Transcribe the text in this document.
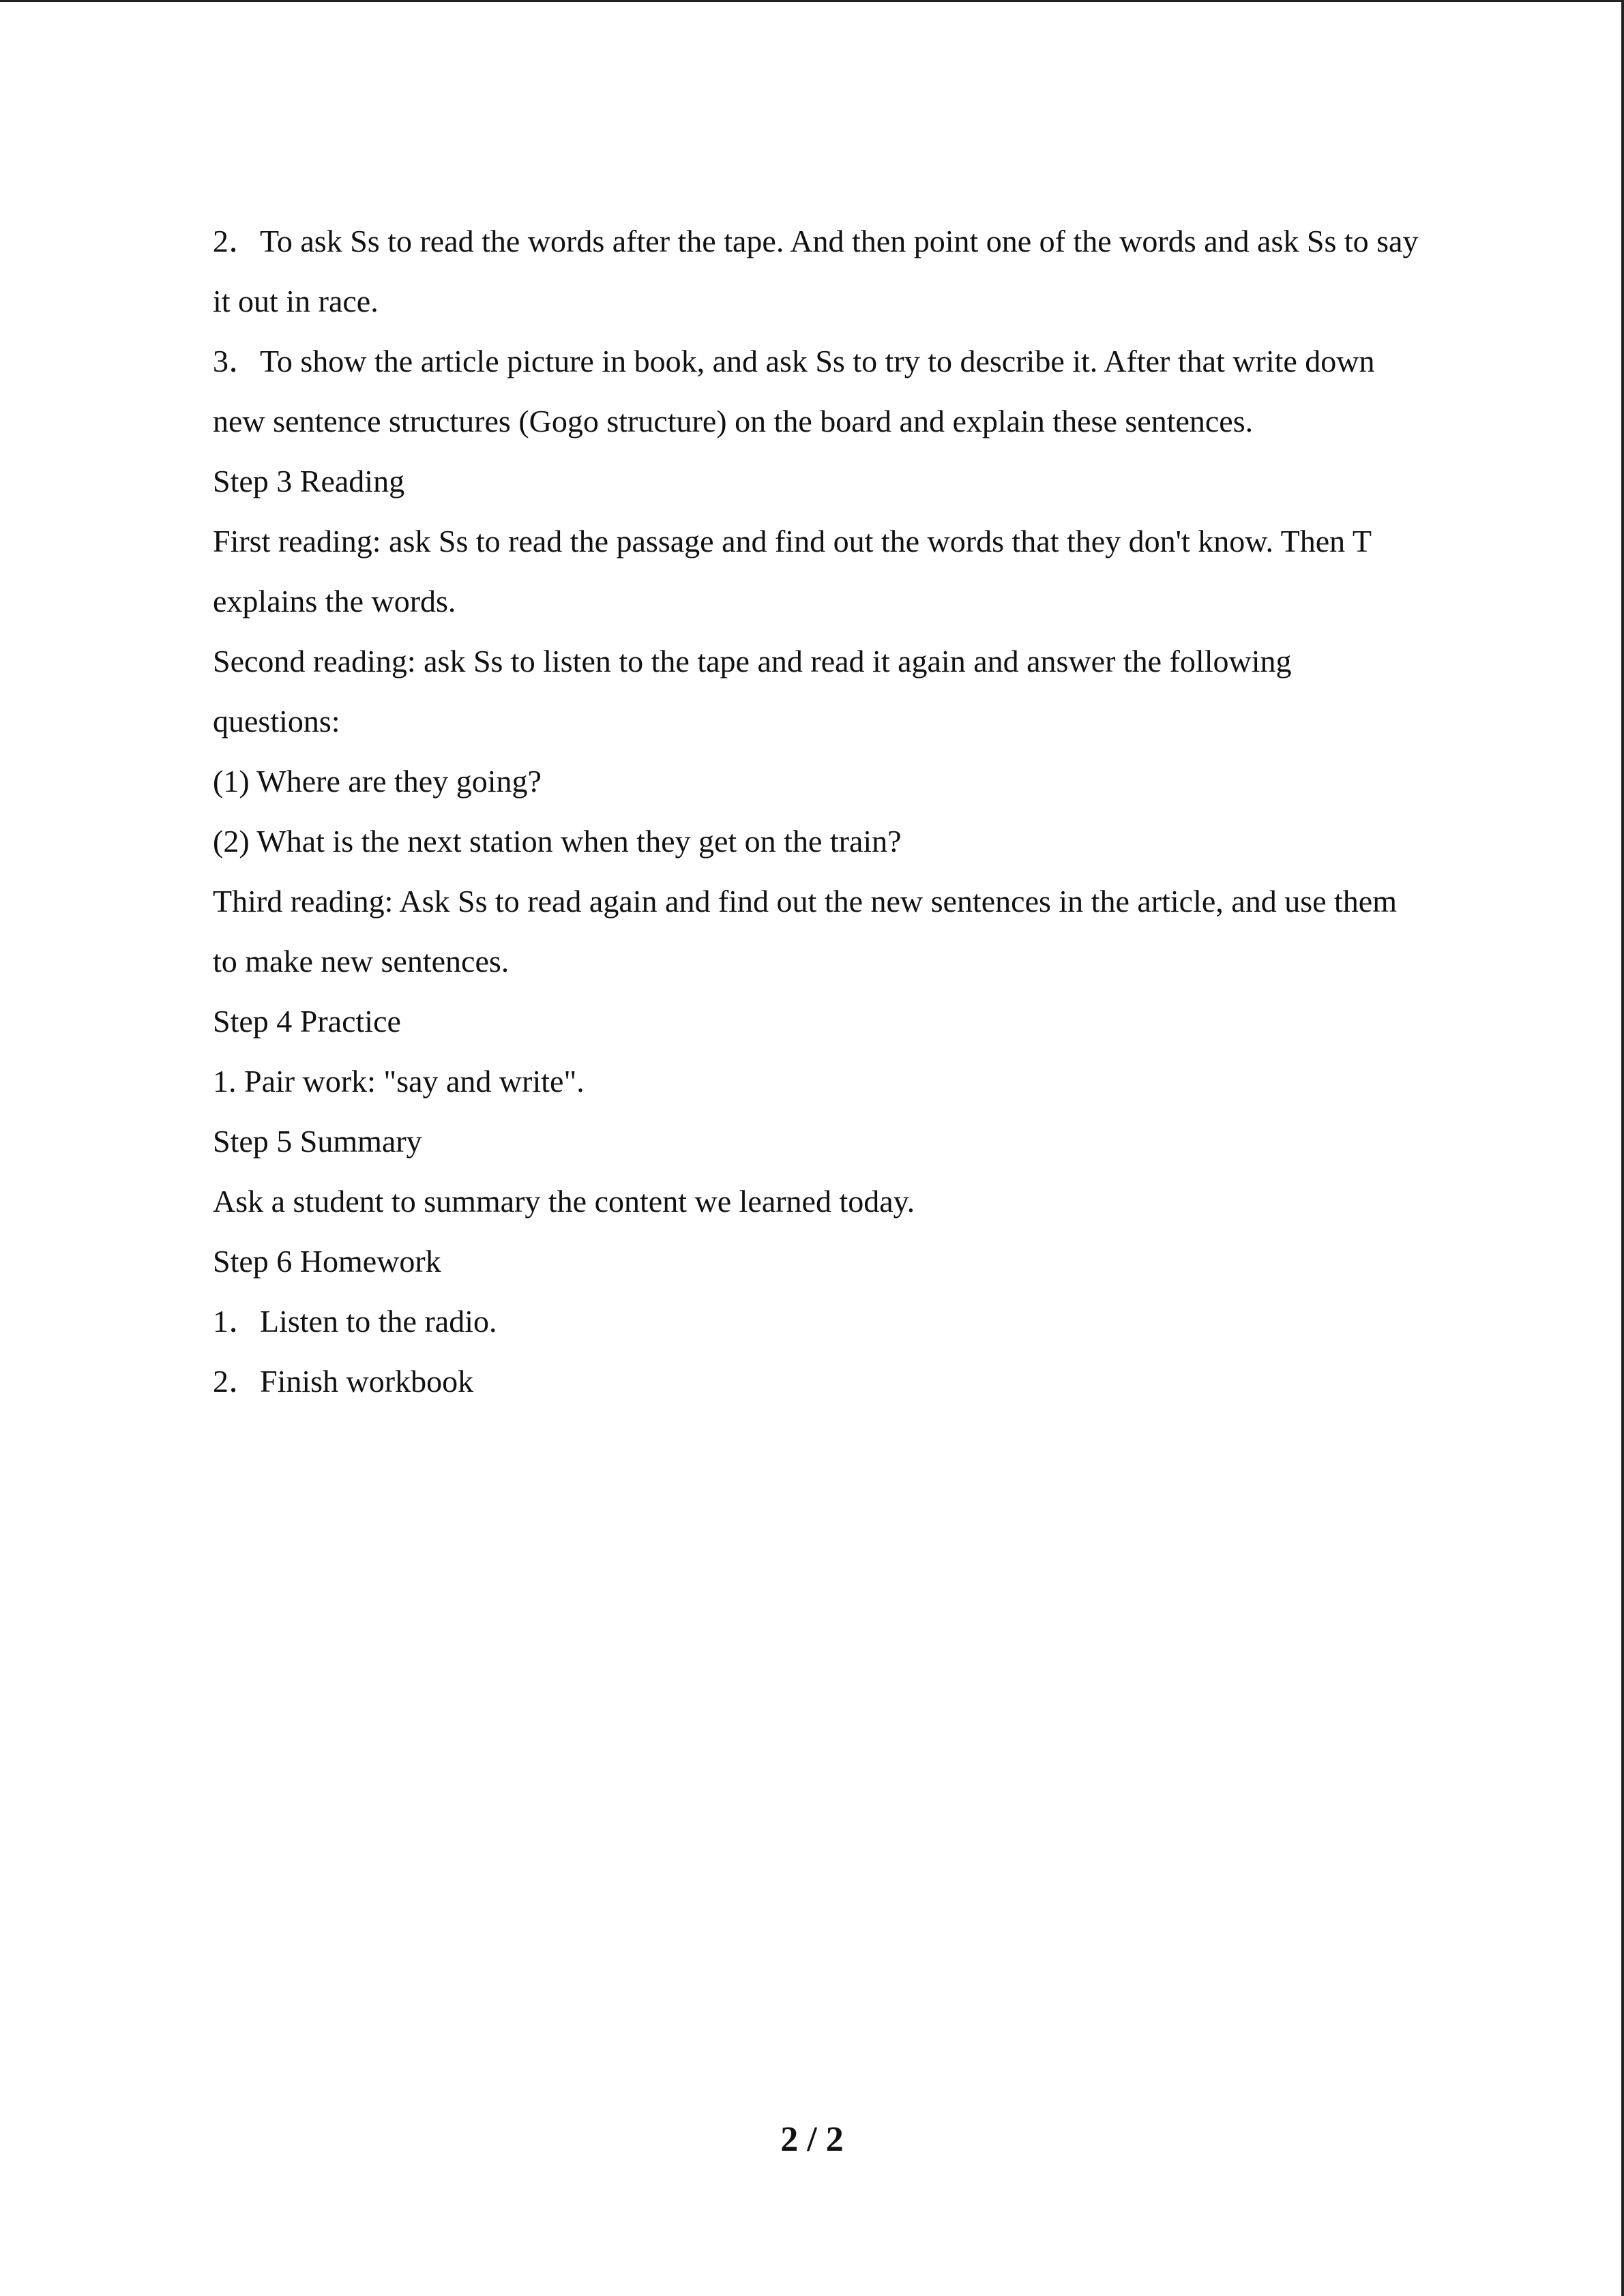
2．To ask Ss to read the words after the tape. And then point one of the words and ask Ss to say
it out in race.
3．To show the article picture in book, and ask Ss to try to describe it. After that write down
new sentence structures (Gogo structure) on the board and explain these sentences.
Step 3 Reading
First reading: ask Ss to read the passage and find out the words that they don't know. Then T
explains the words.
Second reading: ask Ss to listen to the tape and read it again and answer the following
questions:
(1) Where are they going?
(2) What is the next station when they get on the train?
Third reading: Ask Ss to read again and find out the new sentences in the article, and use them
to make new sentences.
Step 4 Practice
1. Pair work: "say and write".
Step 5 Summary
Ask a student to summary the content we learned today.
Step 6 Homework
1．Listen to the radio.
2．Finish workbook
2 / 2
